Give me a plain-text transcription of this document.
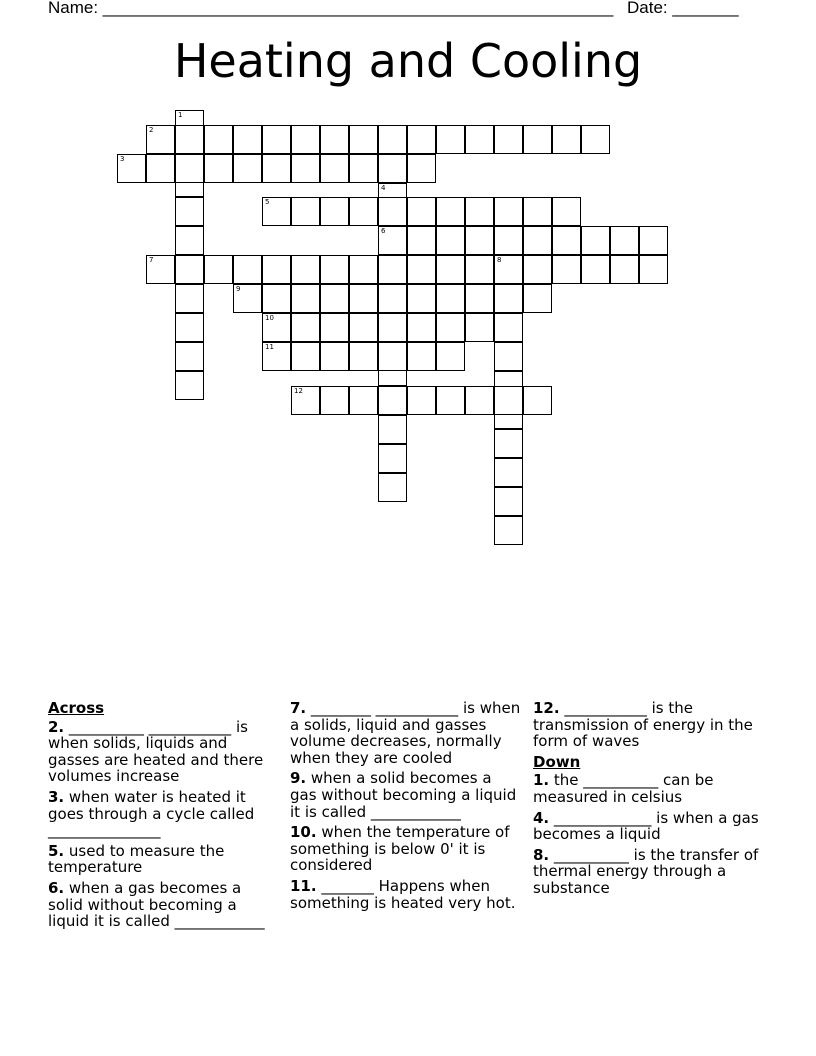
Name: ______________________________________________________ Date: _______
Heating and Cooling
1
2
3
4
5
6
7	8
9
10
11
12
Across
2. __________ ___________ is when solids, liquids and gasses are heated and there volumes increase
3. when water is heated it goes through a cycle called _______________
5. used to measure the temperature
6. when a gas becomes a solid without becoming a liquid it is called ____________
7. ________ ___________ is when a solids, liquid and gasses volume decreases, normally when they are cooled
9. when a solid becomes a gas without becoming a liquid it is called ____________
10. when the temperature of something is below 0' it is considered
11. _______ Happens when something is heated very hot.
12. ___________ is the transmission of energy in the form of waves
Down
1. the __________ can be measured in celsius
4. _____________ is when a gas becomes a liquid
8. __________ is the transfer of thermal energy through a substance
